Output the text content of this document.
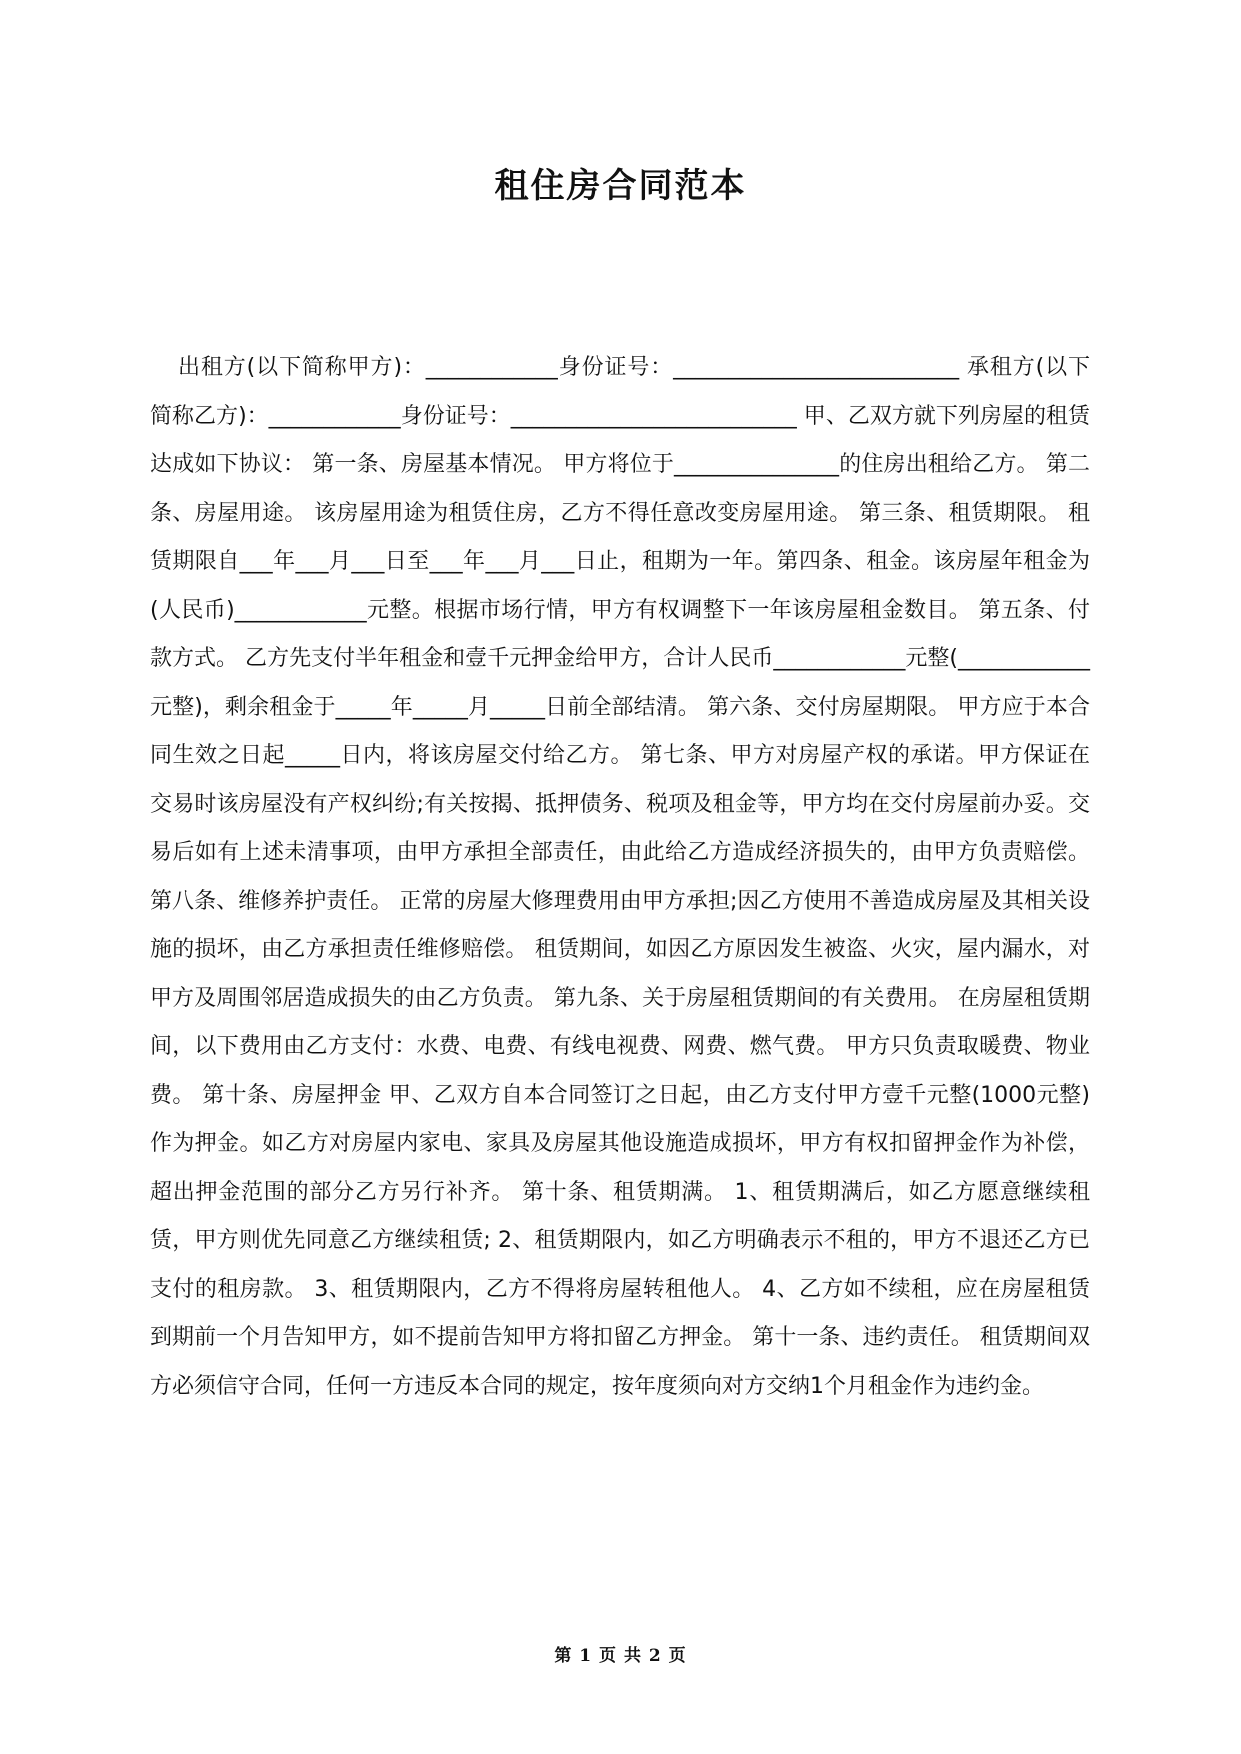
租住房合同范本

出租方(以下简称甲方)：____________身份证号：__________________________ 承租方(以下简称乙方)：____________身份证号：__________________________ 甲、乙双方就下列房屋的租赁达成如下协议： 第一条、房屋基本情况。 甲方将位于_______________的住房出租给乙方。 第二条、房屋用途。 该房屋用途为租赁住房，乙方不得任意改变房屋用途。 第三条、租赁期限。 租赁期限自___年___月___日至___年___月___日止，租期为一年。第四条、租金。该房屋年租金为(人民币)____________元整。根据市场行情，甲方有权调整下一年该房屋租金数目。 第五条、付款方式。 乙方先支付半年租金和壹千元押金给甲方，合计人民币____________元整(____________元整)，剩余租金于_____年_____月_____日前全部结清。 第六条、交付房屋期限。 甲方应于本合同生效之日起_____日内，将该房屋交付给乙方。 第七条、甲方对房屋产权的承诺。甲方保证在交易时该房屋没有产权纠纷;有关按揭、抵押债务、税项及租金等，甲方均在交付房屋前办妥。交易后如有上述未清事项，由甲方承担全部责任，由此给乙方造成经济损失的，由甲方负责赔偿。 第八条、维修养护责任。 正常的房屋大修理费用由甲方承担;因乙方使用不善造成房屋及其相关设施的损坏，由乙方承担责任维修赔偿。 租赁期间，如因乙方原因发生被盗、火灾，屋内漏水，对甲方及周围邻居造成损失的由乙方负责。 第九条、关于房屋租赁期间的有关费用。 在房屋租赁期间，以下费用由乙方支付：水费、电费、有线电视费、网费、燃气费。 甲方只负责取暖费、物业费。 第十条、房屋押金 甲、乙双方自本合同签订之日起，由乙方支付甲方壹千元整(1000元整)作为押金。如乙方对房屋内家电、家具及房屋其他设施造成损坏，甲方有权扣留押金作为补偿，超出押金范围的部分乙方另行补齐。 第十条、租赁期满。 1、租赁期满后，如乙方愿意继续租赁，甲方则优先同意乙方继续租赁; 2、租赁期限内，如乙方明确表示不租的，甲方不退还乙方已支付的租房款。 3、租赁期限内，乙方不得将房屋转租他人。 4、乙方如不续租，应在房屋租赁到期前一个月告知甲方，如不提前告知甲方将扣留乙方押金。 第十一条、违约责任。 租赁期间双方必须信守合同，任何一方违反本合同的规定，按年度须向对方交纳1个月租金作为违约金。

第 1 页 共 2 页
